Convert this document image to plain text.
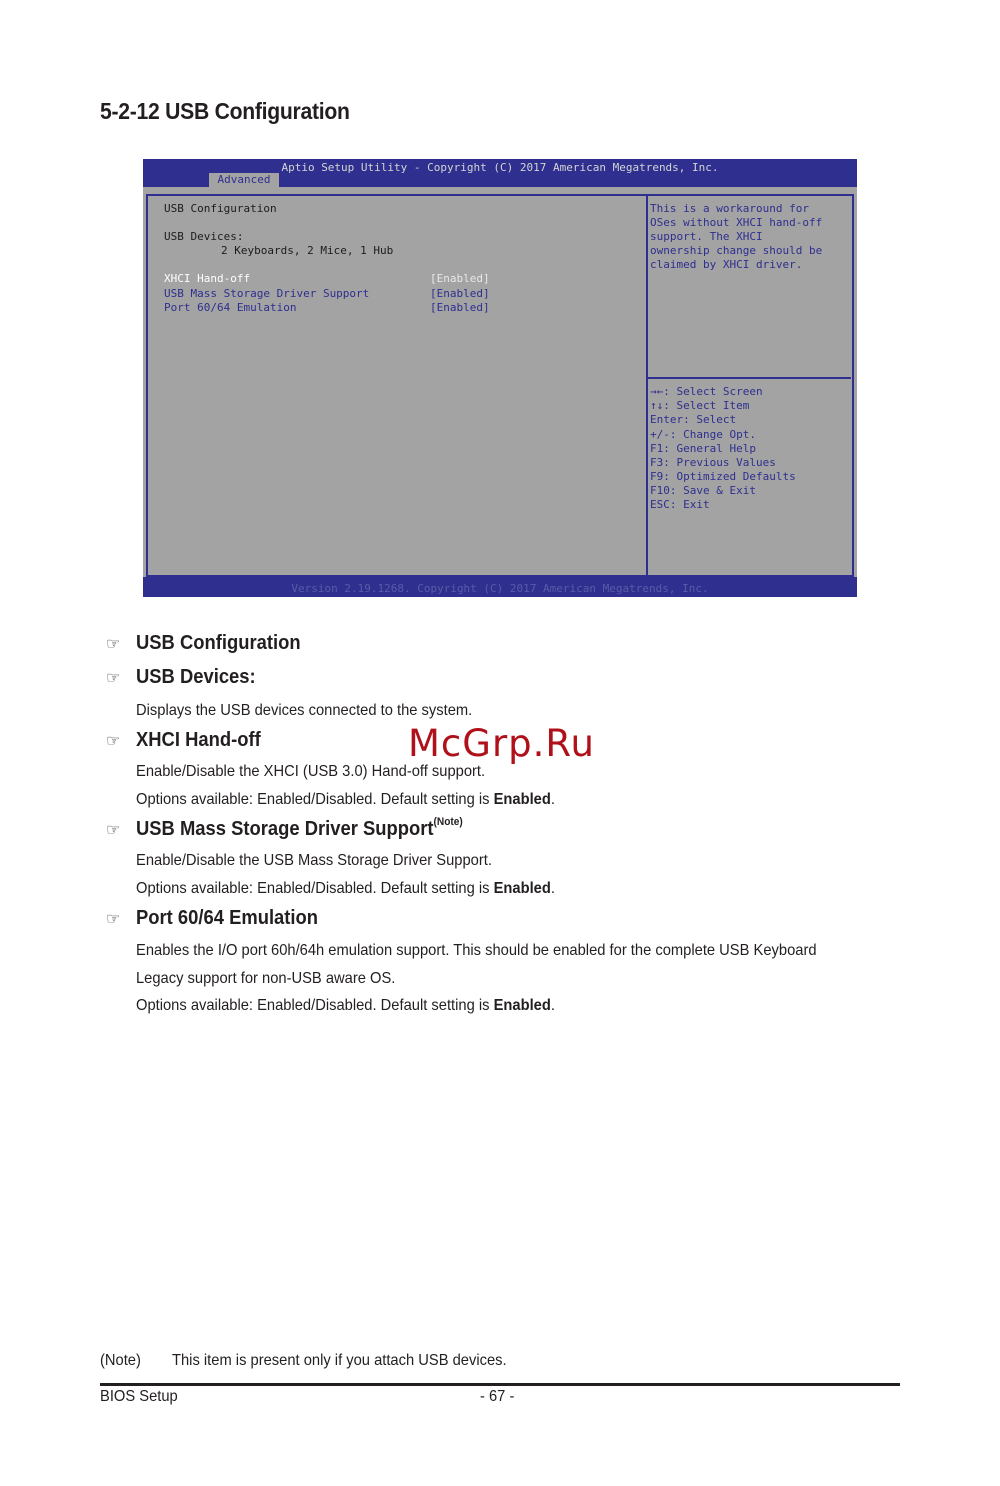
5-2-12 USB Configuration
Aptio Setup Utility - Copyright (C) 2017 American Megatrends, Inc.
Advanced
USB Configuration
USB Devices:
2 Keyboards, 2 Mice, 1 Hub
XHCI Hand-off	[Enabled]
USB Mass Storage Driver Support	[Enabled]
Port 60/64 Emulation	[Enabled]
This is a workaround for
OSes without XHCI hand-off
support. The XHCI
ownership change should be
claimed by XHCI driver.
→←: Select Screen
↑↓: Select Item
Enter: Select
+/-: Change Opt.
F1: General Help
F3: Previous Values
F9: Optimized Defaults
F10: Save & Exit
ESC: Exit
Version 2.19.1268. Copyright (C) 2017 American Megatrends, Inc.
☞ USB Configuration
☞ USB Devices:
Displays the USB devices connected to the system.
☞ XHCI Hand-off
Enable/Disable the XHCI (USB 3.0) Hand-off support.
Options available: Enabled/Disabled. Default setting is Enabled.
☞ USB Mass Storage Driver Support$^{(Note)}$
Enable/Disable the USB Mass Storage Driver Support.
Options available: Enabled/Disabled. Default setting is Enabled.
☞ Port 60/64 Emulation
Enables the I/O port 60h/64h emulation support. This should be enabled for the complete USB Keyboard
Legacy support for non-USB aware OS.
Options available: Enabled/Disabled. Default setting is Enabled.
McGrp.Ru
(Note) This item is present only if you attach USB devices.
BIOS Setup	- 67 -
